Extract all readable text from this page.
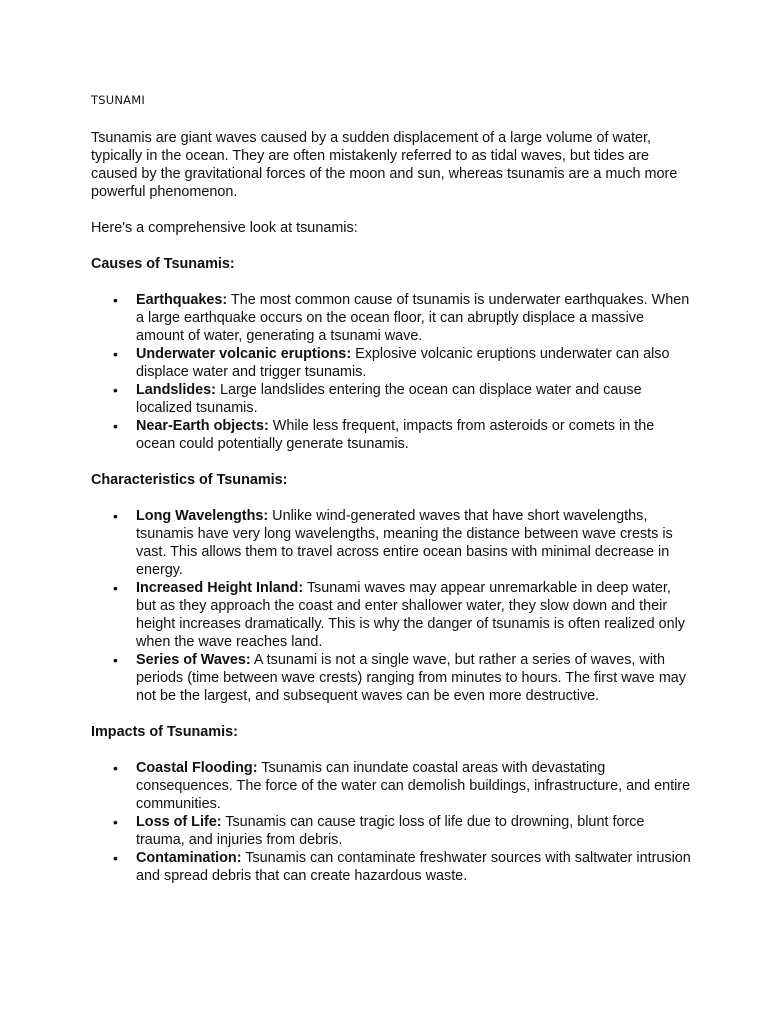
TSUNAMI

Tsunamis are giant waves caused by a sudden displacement of a large volume of water, typically in the ocean. They are often mistakenly referred to as tidal waves, but tides are caused by the gravitational forces of the moon and sun, whereas tsunamis are a much more powerful phenomenon.

Here's a comprehensive look at tsunamis:

Causes of Tsunamis:

• Earthquakes: The most common cause of tsunamis is underwater earthquakes. When a large earthquake occurs on the ocean floor, it can abruptly displace a massive amount of water, generating a tsunami wave.
• Underwater volcanic eruptions: Explosive volcanic eruptions underwater can also displace water and trigger tsunamis.
• Landslides: Large landslides entering the ocean can displace water and cause localized tsunamis.
• Near-Earth objects: While less frequent, impacts from asteroids or comets in the ocean could potentially generate tsunamis.

Characteristics of Tsunamis:

• Long Wavelengths: Unlike wind-generated waves that have short wavelengths, tsunamis have very long wavelengths, meaning the distance between wave crests is vast. This allows them to travel across entire ocean basins with minimal decrease in energy.
• Increased Height Inland: Tsunami waves may appear unremarkable in deep water, but as they approach the coast and enter shallower water, they slow down and their height increases dramatically. This is why the danger of tsunamis is often realized only when the wave reaches land.
• Series of Waves: A tsunami is not a single wave, but rather a series of waves, with periods (time between wave crests) ranging from minutes to hours. The first wave may not be the largest, and subsequent waves can be even more destructive.

Impacts of Tsunamis:

• Coastal Flooding: Tsunamis can inundate coastal areas with devastating consequences. The force of the water can demolish buildings, infrastructure, and entire communities.
• Loss of Life: Tsunamis can cause tragic loss of life due to drowning, blunt force trauma, and injuries from debris.
• Contamination: Tsunamis can contaminate freshwater sources with saltwater intrusion and spread debris that can create hazardous waste.
